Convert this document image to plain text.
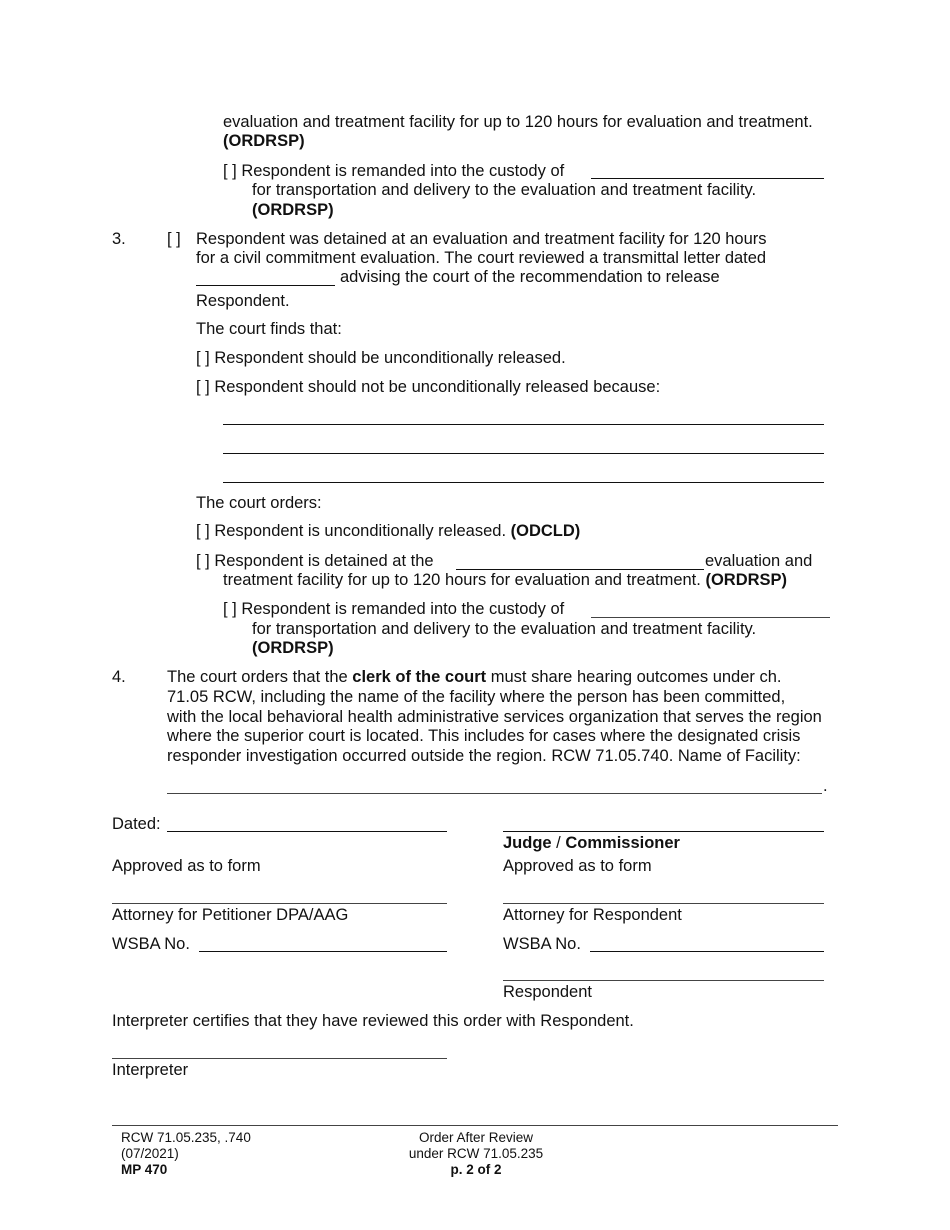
evaluation and treatment facility for up to 120 hours for evaluation and treatment.
(ORDRSP)
[ ] Respondent is remanded into the custody of
for transportation and delivery to the evaluation and treatment facility.
(ORDRSP)
3. [ ] Respondent was detained at an evaluation and treatment facility for 120 hours
for a civil commitment evaluation. The court reviewed a transmittal letter dated
advising the court of the recommendation to release
Respondent.
The court finds that:
[ ] Respondent should be unconditionally released.
[ ] Respondent should not be unconditionally released because:
The court orders:
[ ] Respondent is unconditionally released. (ODCLD)
[ ] Respondent is detained at the	evaluation and
treatment facility for up to 120 hours for evaluation and treatment. (ORDRSP)
[ ] Respondent is remanded into the custody of
for transportation and delivery to the evaluation and treatment facility.
(ORDRSP)
4. The court orders that the clerk of the court must share hearing outcomes under ch.
71.05 RCW, including the name of the facility where the person has been committed,
with the local behavioral health administrative services organization that serves the region
where the superior court is located. This includes for cases where the designated crisis
responder investigation occurred outside the region. RCW 71.05.740. Name of Facility:
.
Dated:
Judge / Commissioner
Approved as to form	Approved as to form
Attorney for Petitioner DPA/AAG	Attorney for Respondent
WSBA No.	WSBA No.
Respondent
Interpreter certifies that they have reviewed this order with Respondent.
Interpreter
RCW 71.05.235, .740
(07/2021)
MP 470
Order After Review
under RCW 71.05.235
p. 2 of 2
